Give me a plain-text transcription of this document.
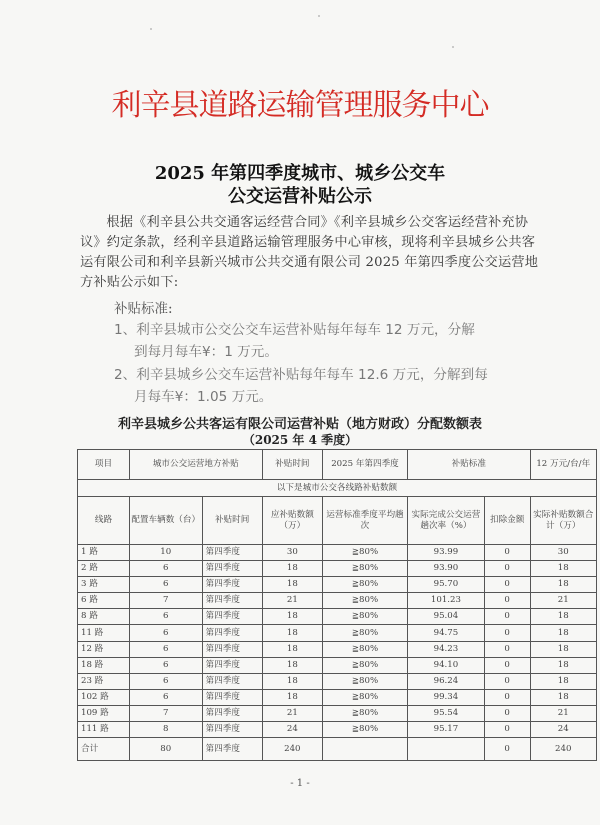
利辛县道路运输管理服务中心
2025 年第四季度城市、城乡公交车
公交运营补贴公示
根据《利辛县公共交通客运经营合同》《利辛县城乡公交客运经营补充协议》约定条款，经利辛县道路运输管理服务中心审核，现将利辛县城乡公共客运有限公司和利辛县新兴城市公共交通有限公司 2025 年第四季度公交运营地方补贴公示如下:
补贴标准:
1、利辛县城市公交公交车运营补贴每年每车 12 万元，分解
到每月每车¥：1 万元。
2、利辛县城乡公交车运营补贴每年每车 12.6 万元，分解到每
月每车¥：1.05 万元。
利辛县城乡公共客运有限公司运营补贴（地方财政）分配数额表
（2025 年 4 季度）
项目	城市公交运营地方补贴		补贴时间	2025 年第四季度	补贴标准		12 万元/台/年
以下是城市公交各线路补贴数额							
线路	配置车辆数（台）	补贴时间	应补贴数额（万）	运营标准季度平均趟次	实际完成公交运营趟次率（%）	扣除金额	实际补贴数额合计（万）
1 路	10	第四季度	30	≧80%	93.99	0	30
2 路	6	第四季度	18	≧80%	93.90	0	18
3 路	6	第四季度	18	≧80%	95.70	0	18
6 路	7	第四季度	21	≧80%	101.23	0	21
8 路	6	第四季度	18	≧80%	95.04	0	18
11 路	6	第四季度	18	≧80%	94.75	0	18
12 路	6	第四季度	18	≧80%	94.23	0	18
18 路	6	第四季度	18	≧80%	94.10	0	18
23 路	6	第四季度	18	≧80%	96.24	0	18
102 路	6	第四季度	18	≧80%	99.34	0	18
109 路	7	第四季度	21	≧80%	95.54	0	21
111 路	8	第四季度	24	≧80%	95.17	0	24
合计	80	第四季度	240			0	240
- 1 -
